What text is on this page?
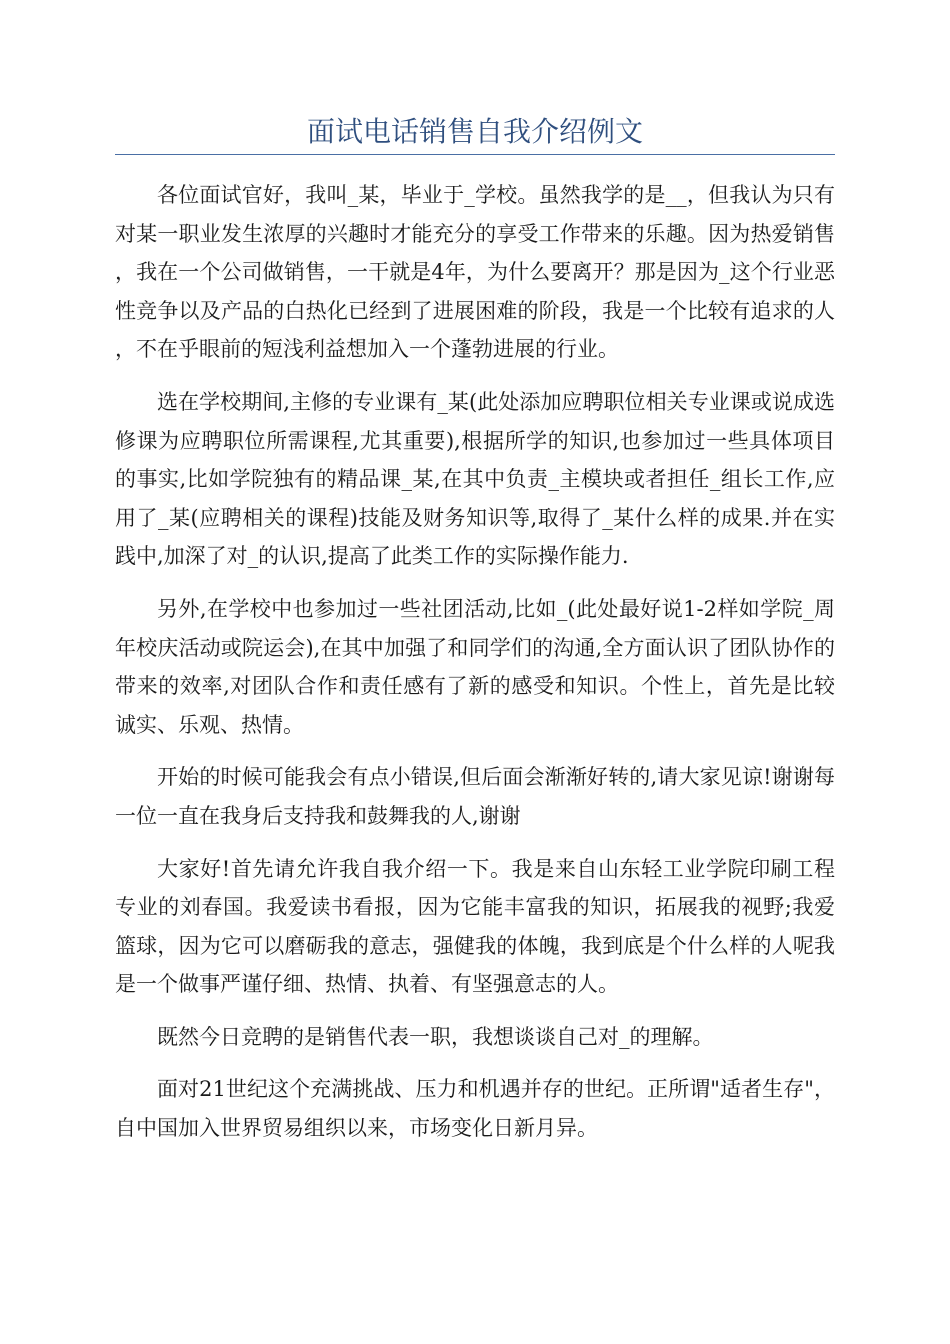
面试电话销售自我介绍例文

各位面试官好，我叫_某，毕业于_学校。虽然我学的是__，但我认为只有对某一职业发生浓厚的兴趣时才能充分的享受工作带来的乐趣。因为热爱销售，我在一个公司做销售，一干就是4年，为什么要离开？那是因为_这个行业恶性竞争以及产品的白热化已经到了进展困难的阶段，我是一个比较有追求的人，不在乎眼前的短浅利益想加入一个蓬勃进展的行业。

选在学校期间,主修的专业课有_某(此处添加应聘职位相关专业课或说成选修课为应聘职位所需课程,尤其重要),根据所学的知识,也参加过一些具体项目的事实,比如学院独有的精品课_某,在其中负责_主模块或者担任_组长工作,应用了_某(应聘相关的课程)技能及财务知识等,取得了_某什么样的成果.并在实践中,加深了对_的认识,提高了此类工作的实际操作能力.

另外,在学校中也参加过一些社团活动,比如_(此处最好说1-2样如学院_周年校庆活动或院运会),在其中加强了和同学们的沟通,全方面认识了团队协作的带来的效率,对团队合作和责任感有了新的感受和知识。个性上，首先是比较诚实、乐观、热情。

开始的时候可能我会有点小错误,但后面会渐渐好转的,请大家见谅!谢谢每一位一直在我身后支持我和鼓舞我的人,谢谢

大家好!首先请允许我自我介绍一下。我是来自山东轻工业学院印刷工程专业的刘春国。我爱读书看报，因为它能丰富我的知识，拓展我的视野;我爱篮球，因为它可以磨砺我的意志，强健我的体魄，我到底是个什么样的人呢我是一个做事严谨仔细、热情、执着、有坚强意志的人。

既然今日竞聘的是销售代表一职，我想谈谈自己对_的理解。

面对21世纪这个充满挑战、压力和机遇并存的世纪。正所谓"适者生存"，自中国加入世界贸易组织以来，市场变化日新月异。
